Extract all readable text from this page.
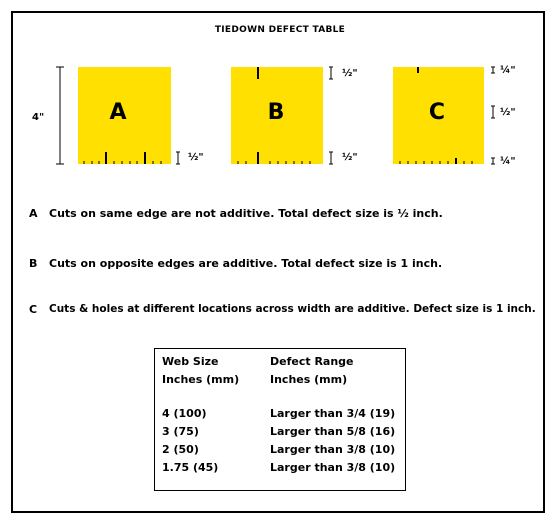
TIEDOWN DEFECT TABLE
4"	A
½"
B
½"
½"
C
¼"
½"
¼"
A Cuts on same edge are not additive. Total defect size is ½ inch.
B Cuts on opposite edges are additive. Total defect size is 1 inch.
C Cuts & holes at different locations across width are additive. Defect size is 1 inch.
Web Size	Defect Range
Inches (mm)	Inches (mm)
4 (100)	Larger than 3/4 (19)
3 (75)	Larger than 5/8 (16)
2 (50)	Larger than 3/8 (10)
1.75 (45)	Larger than 3/8 (10)
